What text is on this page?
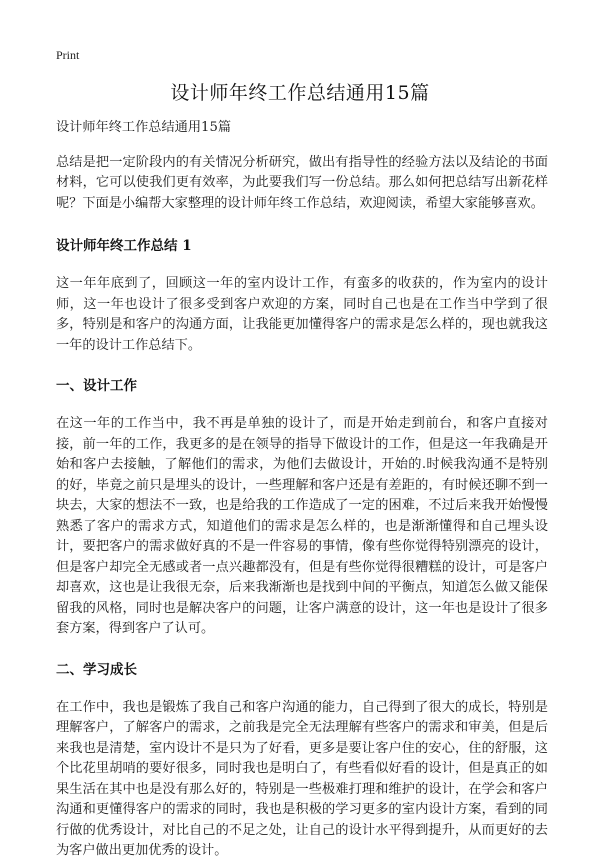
Print
设计师年终工作总结通用15篇

设计师年终工作总结通用15篇

总结是把一定阶段内的有关情况分析研究，做出有指导性的经验方法以及结论的书面材料，它可以使我们更有效率，为此要我们写一份总结。那么如何把总结写出新花样呢？下面是小编帮大家整理的设计师年终工作总结，欢迎阅读，希望大家能够喜欢。

设计师年终工作总结 1

这一年年底到了，回顾这一年的室内设计工作，有蛮多的收获的，作为室内的设计师，这一年也设计了很多受到客户欢迎的方案，同时自己也是在工作当中学到了很多，特别是和客户的沟通方面，让我能更加懂得客户的需求是怎么样的，现也就我这一年的设计工作总结下。

一、设计工作

在这一年的工作当中，我不再是单独的设计了，而是开始走到前台，和客户直接对接，前一年的工作，我更多的是在领导的指导下做设计的工作，但是这一年我确是开始和客户去接触，了解他们的需求，为他们去做设计，开始的.时候我沟通不是特别的好，毕竟之前只是埋头的设计，一些理解和客户还是有差距的，有时候还聊不到一块去，大家的想法不一致，也是给我的工作造成了一定的困难，不过后来我开始慢慢熟悉了客户的需求方式，知道他们的需求是怎么样的，也是渐渐懂得和自己埋头设计，要把客户的需求做好真的不是一件容易的事情，像有些你觉得特别漂亮的设计，但是客户却完全无感或者一点兴趣都没有，但是有些你觉得很糟糕的设计，可是客户却喜欢，这也是让我很无奈，后来我渐渐也是找到中间的平衡点，知道怎么做又能保留我的风格，同时也是解决客户的问题，让客户满意的设计，这一年也是设计了很多套方案，得到客户了认可。

二、学习成长

在工作中，我也是锻炼了我自己和客户沟通的能力，自己得到了很大的成长，特别是理解客户，了解客户的需求，之前我是完全无法理解有些客户的需求和审美，但是后来我也是清楚，室内设计不是只为了好看，更多是要让客户住的安心，住的舒服，这个比花里胡哨的要好很多，同时我也是明白了，有些看似好看的设计，但是真正的如果生活在其中也是没有那么好的，特别是一些极难打理和维护的设计，在学会和客户沟通和更懂得客户的需求的同时，我也是积极的学习更多的室内设计方案，看到的同行做的优秀设计，对比自己的不足之处，让自己的设计水平得到提升，从而更好的去为客户做出更加优秀的设计。
